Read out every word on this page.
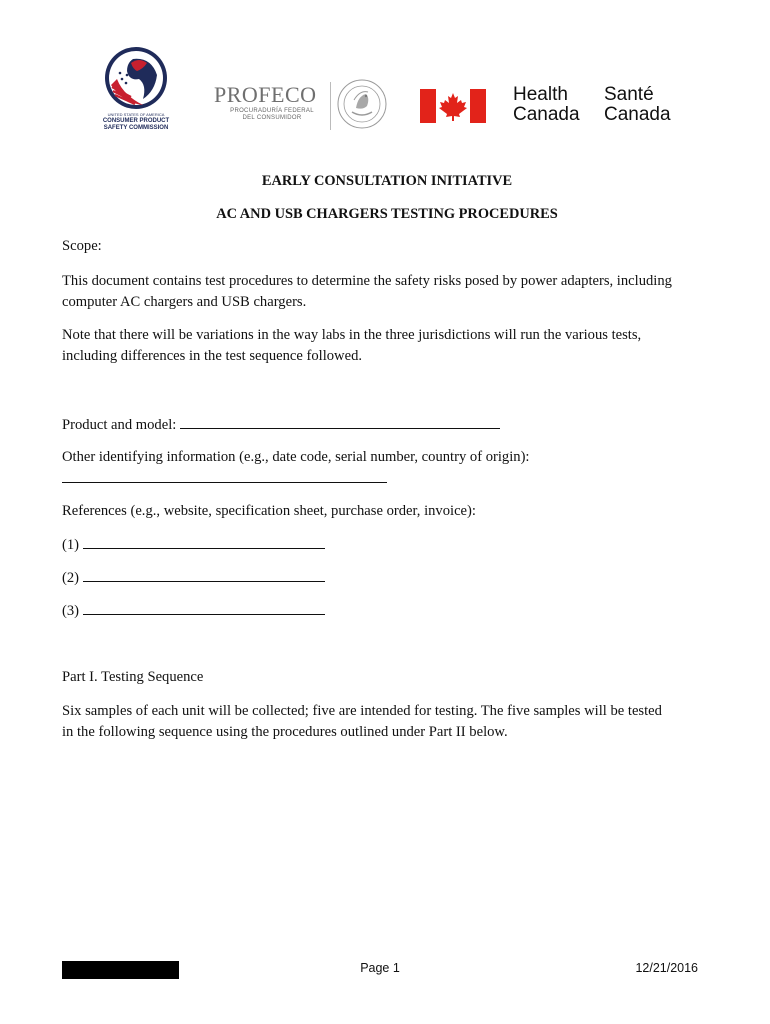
UNITED STATES OF AMERICA
CONSUMER PRODUCT
SAFETY COMMISSION
PROFECO
PROCURADURÍA FEDERAL
DEL CONSUMIDOR
Health
Canada
Santé
Canada
EARLY CONSULTATION INITIATIVE
AC AND USB CHARGERS TESTING PROCEDURES

Scope:

This document contains test procedures to determine the safety risks posed by power adapters, including

computer AC chargers and USB chargers.

Note that there will be variations in the way labs in the three jurisdictions will run the various tests,

including differences in the test sequence followed.

Product and model:

Other identifying information (e.g., date code, serial number, country of origin):

References (e.g., website, specification sheet, purchase order, invoice):

(1)

(2)

(3)

Part I. Testing Sequence

Six samples of each unit will be collected; five are intended for testing. The five samples will be tested

in the following sequence using the procedures outlined under Part II below.

Page 1	12/21/2016
